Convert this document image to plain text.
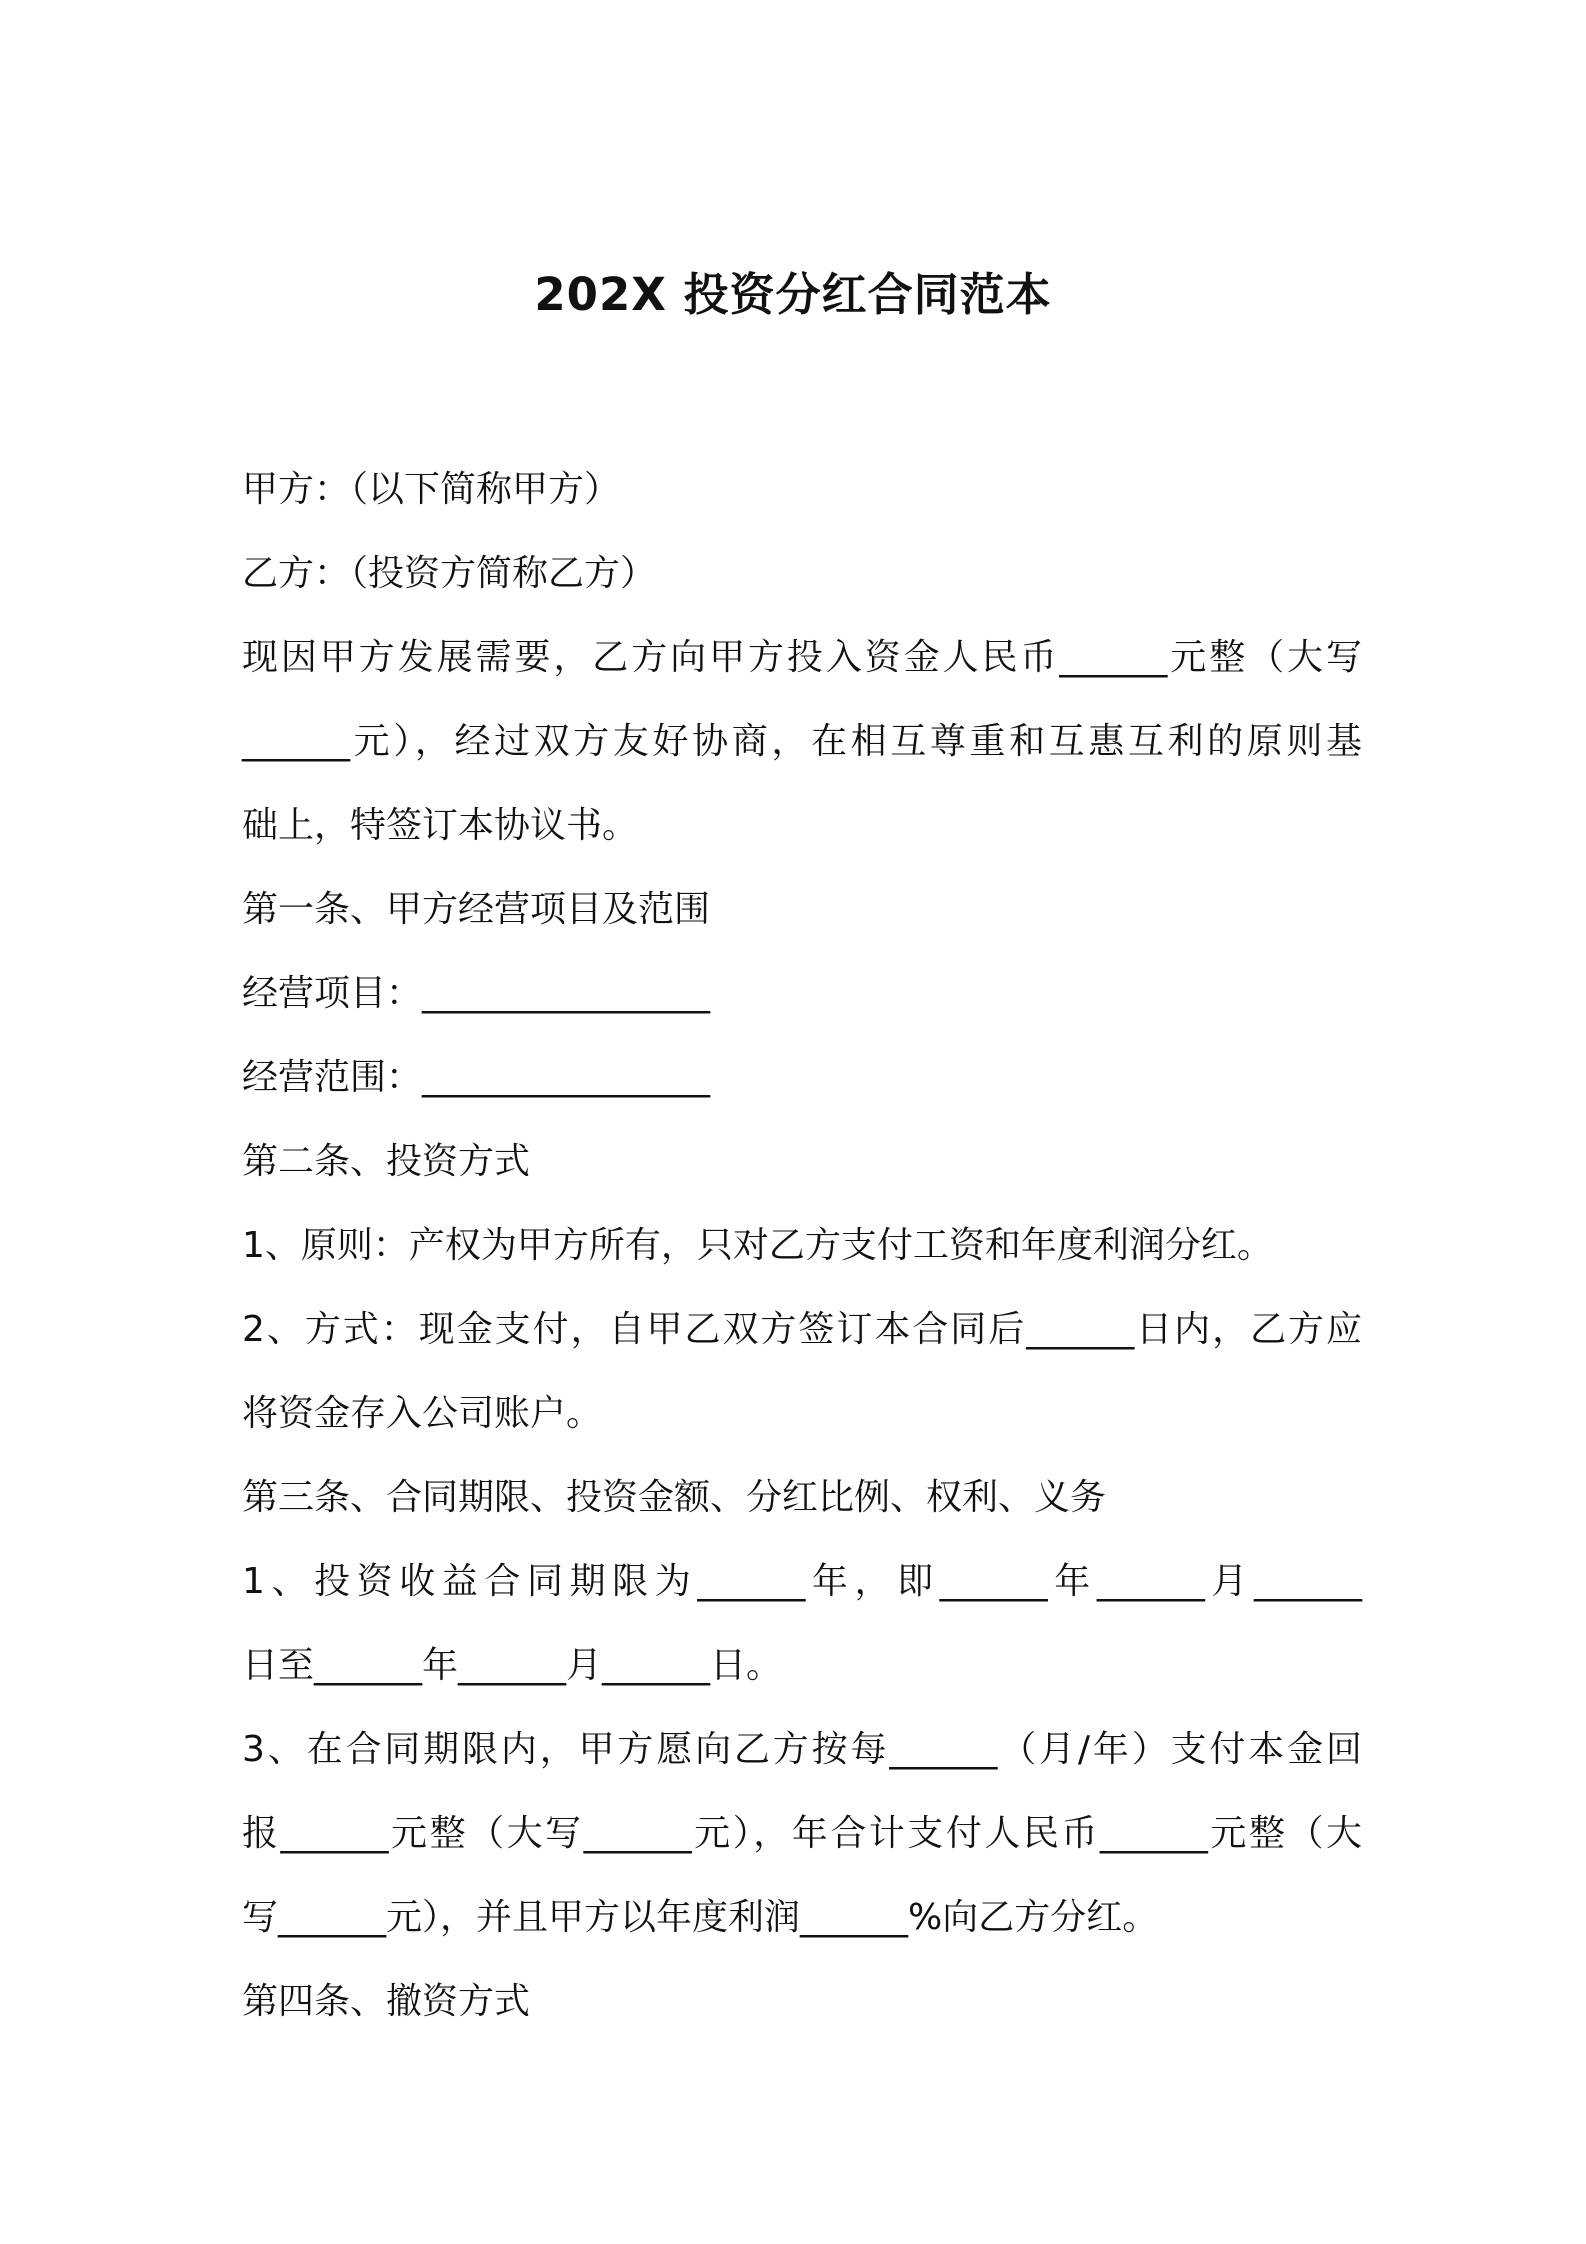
202X 投资分红合同范本

甲方：（以下简称甲方）

乙方：（投资方简称乙方）

现因甲方发展需要，乙方向甲方投入资金人民币______元整（大写

______元），经过双方友好协商，在相互尊重和互惠互利的原则基

础上，特签订本协议书。

第一条、甲方经营项目及范围

经营项目：________________

经营范围：________________

第二条、投资方式

1、原则：产权为甲方所有，只对乙方支付工资和年度利润分红。

2、方式：现金支付，自甲乙双方签订本合同后______日内，乙方应

将资金存入公司账户。

第三条、合同期限、投资金额、分红比例、权利、义务

1、投资收益合同期限为______年，即______年______月______

日至______年______月______日。

3、在合同期限内，甲方愿向乙方按每______（月/年）支付本金回

报______元整（大写______元），年合计支付人民币______元整（大

写______元），并且甲方以年度利润______%向乙方分红。

第四条、撤资方式
